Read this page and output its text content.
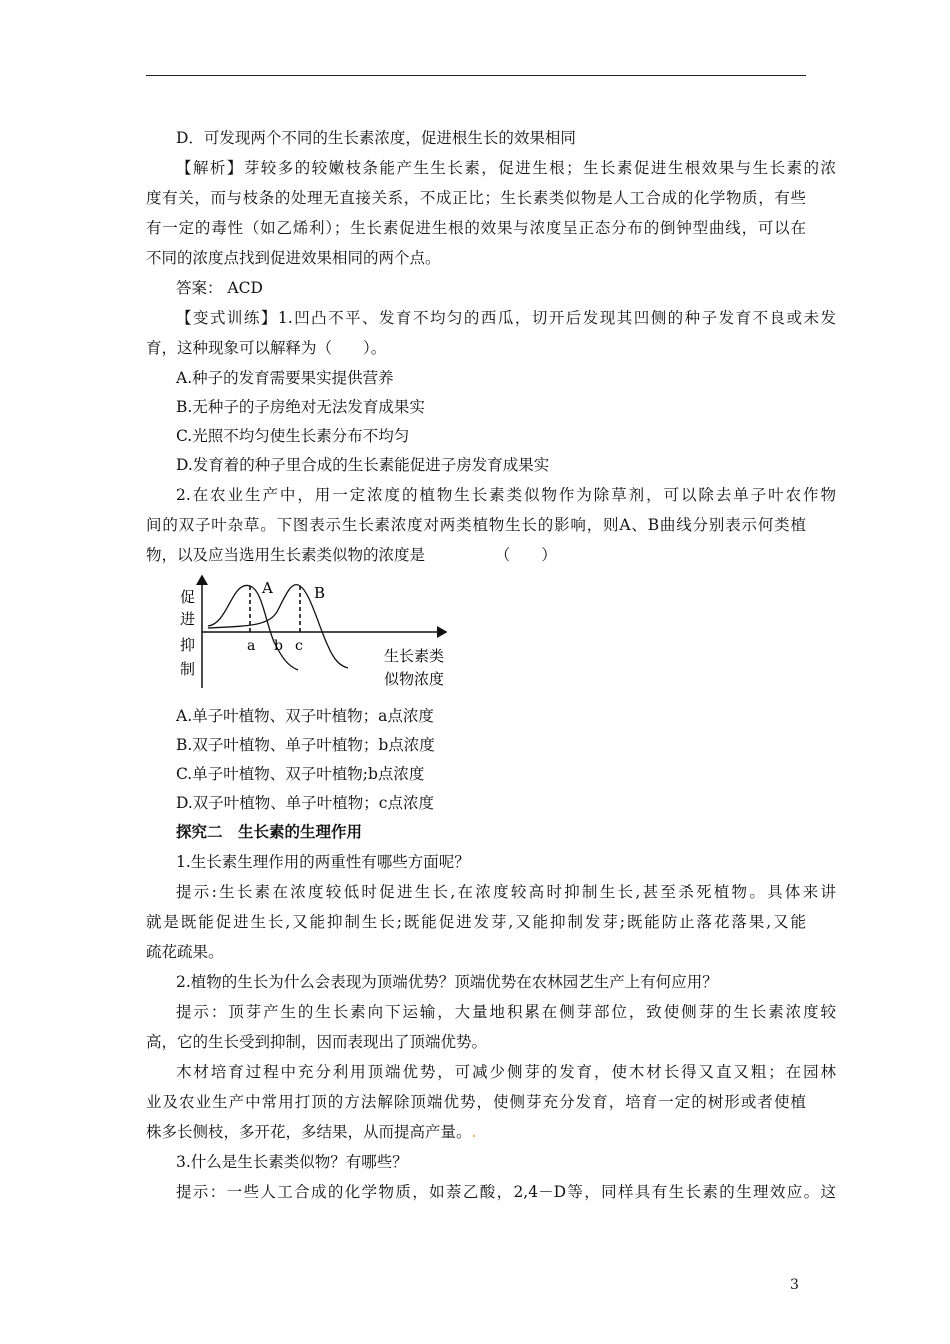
D．可发现两个不同的生长素浓度，促进根生长的效果相同
【解析】芽较多的较嫩枝条能产生生长素，促进生根；生长素促进生根效果与生长素的浓
度有关，而与枝条的处理无直接关系，不成正比；生长素类似物是人工合成的化学物质，有些
有一定的毒性（如乙烯利）；生长素促进生根的效果与浓度呈正态分布的倒钟型曲线，可以在
不同的浓度点找到促进效果相同的两个点。
答案： ACD
【变式训练】1.凹凸不平、发育不均匀的西瓜，切开后发现其凹侧的种子发育不良或未发
育，这种现象可以解释为（　　）。
A.种子的发育需要果实提供营养
B.无种子的子房绝对无法发育成果实
C.光照不均匀使生长素分布不均匀
D.发育着的种子里合成的生长素能促进子房发育成果实
2.在农业生产中，用一定浓度的植物生长素类似物作为除草剂，可以除去单子叶农作物
间的双子叶杂草。下图表示生长素浓度对两类植物生长的影响，则A、B曲线分别表示何类植
物，以及应当选用生长素类似物的浓度是　　　　　（　　）
促
进
抑
制
A	B
a b c
生长素类
似物浓度
A.单子叶植物、双子叶植物；a点浓度
B.双子叶植物、单子叶植物；b点浓度
C.单子叶植物、双子叶植物;b点浓度
D.双子叶植物、单子叶植物；c点浓度
探究二　生长素的生理作用
1.生长素生理作用的两重性有哪些方面呢？
提示:生长素在浓度较低时促进生长,在浓度较高时抑制生长,甚至杀死植物。具体来讲
就是既能促进生长,又能抑制生长;既能促进发芽,又能抑制发芽;既能防止落花落果,又能
疏花疏果。
2.植物的生长为什么会表现为顶端优势？顶端优势在农林园艺生产上有何应用？
提示：顶芽产生的生长素向下运输，大量地积累在侧芽部位，致使侧芽的生长素浓度较
高，它的生长受到抑制，因而表现出了顶端优势。
木材培育过程中充分利用顶端优势，可减少侧芽的发育，使木材长得又直又粗；在园林
业及农业生产中常用打顶的方法解除顶端优势，使侧芽充分发育，培育一定的树形或者使植
株多长侧枝，多开花，多结果，从而提高产量。.
3.什么是生长素类似物？有哪些？
提示：一些人工合成的化学物质，如萘乙酸，2,4－D等，同样具有生长素的生理效应。这
3
